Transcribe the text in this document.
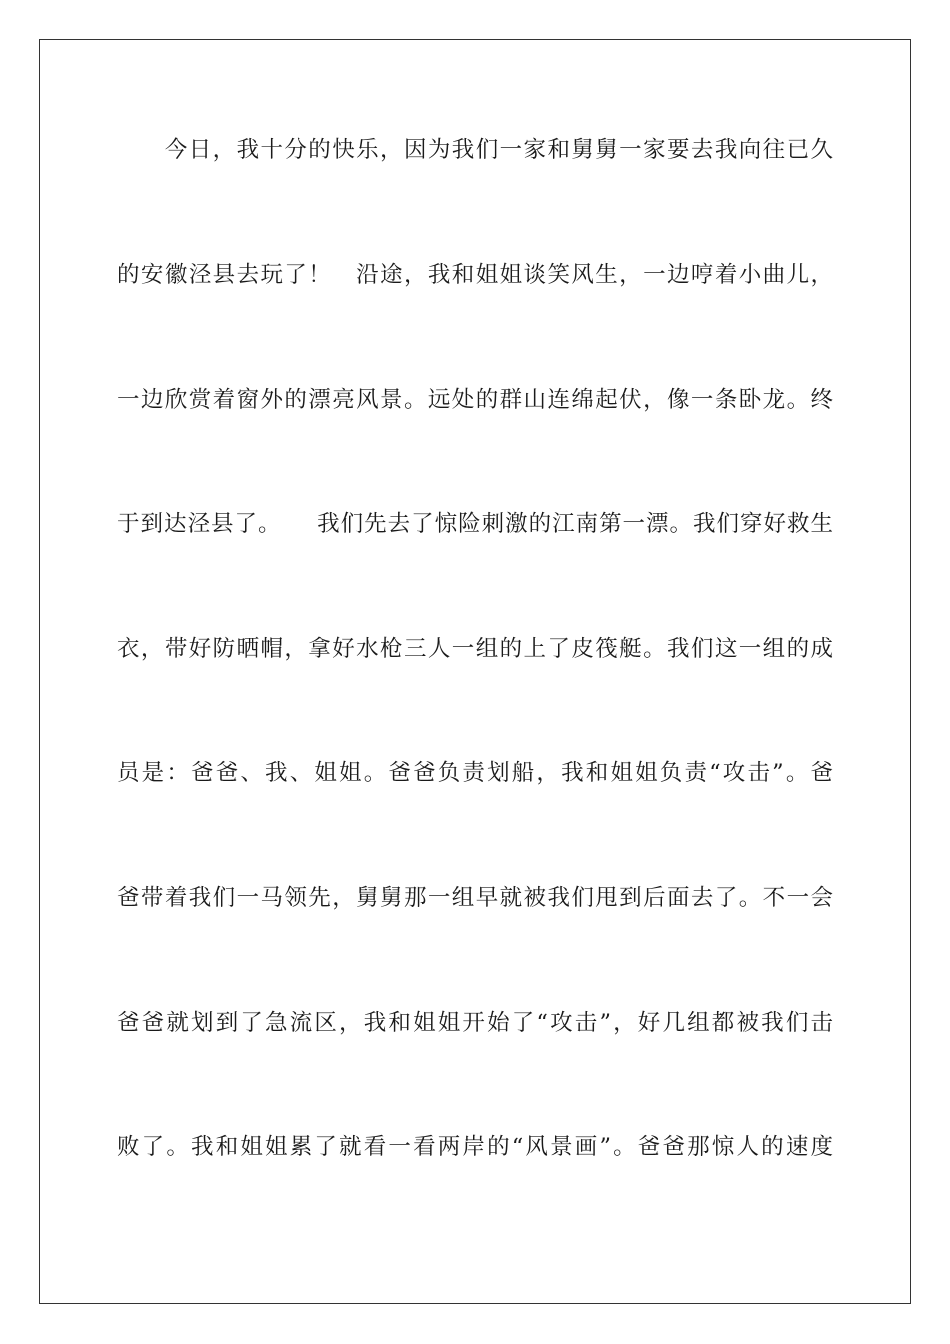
　　今日，我十分的快乐，因为我们一家和舅舅一家要去我向往已久
的安徽泾县去玩了！　沿途，我和姐姐谈笑风生，一边哼着小曲儿，
一边欣赏着窗外的漂亮风景。远处的群山连绵起伏，像一条卧龙。终
于到达泾县了。　　我们先去了惊险刺激的江南第一漂。我们穿好救生
衣，带好防晒帽，拿好水枪三人一组的上了皮筏艇。我们这一组的成
员是：爸爸、我、姐姐。爸爸负责划船，我和姐姐负责“攻击”。爸
爸带着我们一马领先，舅舅那一组早就被我们甩到后面去了。不一会
爸爸就划到了急流区，我和姐姐开始了“攻击”，好几组都被我们击
败了。我和姐姐累了就看一看两岸的“风景画”。爸爸那惊人的速度
